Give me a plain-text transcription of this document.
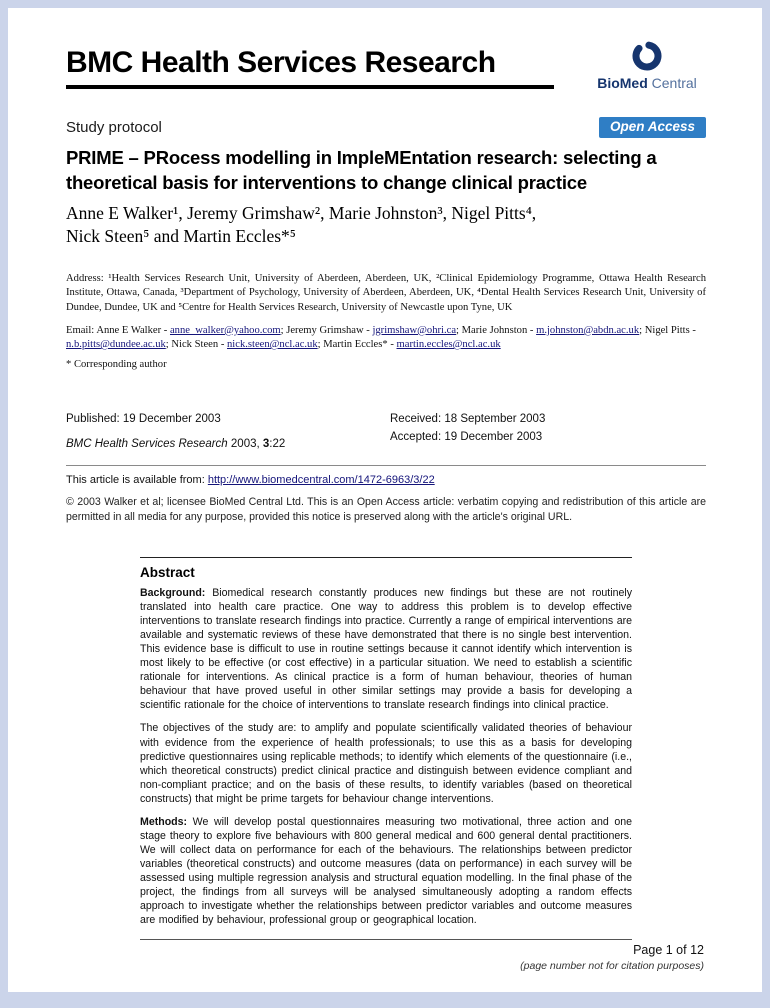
BMC Health Services Research
BioMed Central
Study protocol	Open Access
PRIME – PRocess modelling in ImpleMEntation research: selecting a theoretical basis for interventions to change clinical practice
Anne E Walker¹, Jeremy Grimshaw², Marie Johnston³, Nigel Pitts⁴,
Nick Steen⁵ and Martin Eccles*⁵
Address: ¹Health Services Research Unit, University of Aberdeen, Aberdeen, UK, ²Clinical Epidemiology Programme, Ottawa Health Research Institute, Ottawa, Canada, ³Department of Psychology, University of Aberdeen, Aberdeen, UK, ⁴Dental Health Services Research Unit, University of Dundee, Dundee, UK and ⁵Centre for Health Services Research, University of Newcastle upon Tyne, UK
Email: Anne E Walker - anne_walker@yahoo.com; Jeremy Grimshaw - jgrimshaw@ohri.ca; Marie Johnston - m.johnston@abdn.ac.uk; Nigel Pitts - n.b.pitts@dundee.ac.uk; Nick Steen - nick.steen@ncl.ac.uk; Martin Eccles* - martin.eccles@ncl.ac.uk
* Corresponding author
Published: 19 December 2003
BMC Health Services Research 2003, 3:22
Received: 18 September 2003
Accepted: 19 December 2003
This article is available from: http://www.biomedcentral.com/1472-6963/3/22
© 2003 Walker et al; licensee BioMed Central Ltd. This is an Open Access article: verbatim copying and redistribution of this article are permitted in all media for any purpose, provided this notice is preserved along with the article's original URL.
Abstract

Background: Biomedical research constantly produces new findings but these are not routinely translated into health care practice. One way to address this problem is to develop effective interventions to translate research findings into practice. Currently a range of empirical interventions are available and systematic reviews of these have demonstrated that there is no single best intervention. This evidence base is difficult to use in routine settings because it cannot identify which intervention is most likely to be effective (or cost effective) in a particular situation. We need to establish a scientific rationale for interventions. As clinical practice is a form of human behaviour, theories of human behaviour that have proved useful in other similar settings may provide a basis for developing a scientific rationale for the choice of interventions to translate research findings into clinical practice.

The objectives of the study are: to amplify and populate scientifically validated theories of behaviour with evidence from the experience of health professionals; to use this as a basis for developing predictive questionnaires using replicable methods; to identify which elements of the questionnaire (i.e., which theoretical constructs) predict clinical practice and distinguish between evidence compliant and non-compliant practice; and on the basis of these results, to identify variables (based on theoretical constructs) that might be prime targets for behaviour change interventions.

Methods: We will develop postal questionnaires measuring two motivational, three action and one stage theory to explore five behaviours with 800 general medical and 600 general dental practitioners. We will collect data on performance for each of the behaviours. The relationships between predictor variables (theoretical constructs) and outcome measures (data on performance) in each survey will be assessed using multiple regression analysis and structural equation modelling. In the final phase of the project, the findings from all surveys will be analysed simultaneously adopting a random effects approach to investigate whether the relationships between predictor variables and outcome measures are modified by behaviour, professional group or geographical location.

Page 1 of 12
(page number not for citation purposes)
